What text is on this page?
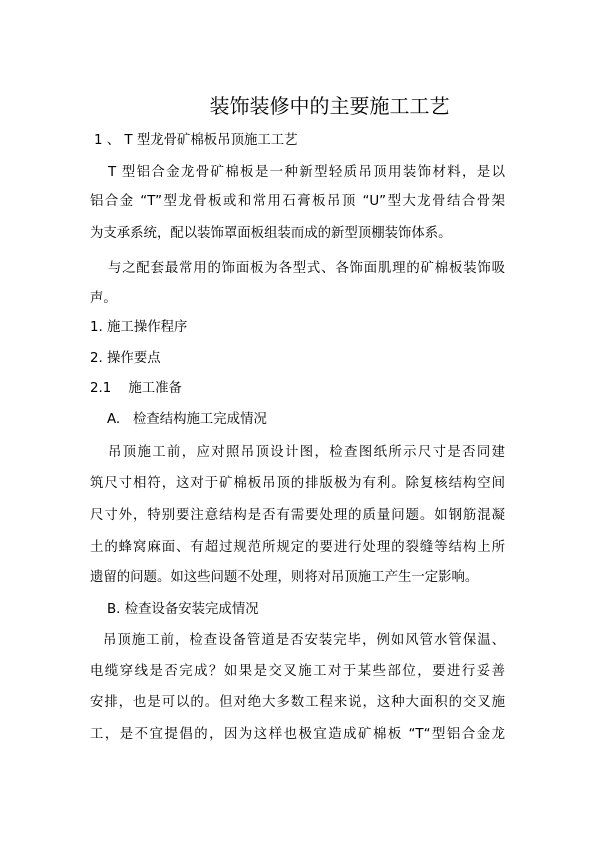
装饰装修中的主要施工工艺
1 、 T 型龙骨矿棉板吊顶施工工艺
T 型铝合金龙骨矿棉板是一种新型轻质吊顶用装饰材料，是以
铝合金 “T”型龙骨板或和常用石膏板吊顶 “U”型大龙骨结合骨架
为支承系统，配以装饰罩面板组装而成的新型顶棚装饰体系。
与之配套最常用的饰面板为各型式、各饰面肌理的矿棉板装饰吸
声。
1. 施工操作程序
2. 操作要点
2.1    施工准备
A.   检查结构施工完成情况
吊顶施工前，应对照吊顶设计图，检查图纸所示尺寸是否同建
筑尺寸相符，这对于矿棉板吊顶的排版极为有利。除复核结构空间
尺寸外，特别要注意结构是否有需要处理的质量问题。如钢筋混凝
土的蜂窝麻面、有超过规范所规定的要进行处理的裂缝等结构上所
遗留的问题。如这些问题不处理，则将对吊顶施工产生一定影响。
B. 检查设备安装完成情况
吊顶施工前，检查设备管道是否安装完毕，例如风管水管保温、
电缆穿线是否完成？如果是交叉施工对于某些部位，要进行妥善
安排，也是可以的。但对绝大多数工程来说，这种大面积的交叉施
工，是不宜提倡的，因为这样也极宜造成矿棉板 “T“型铝合金龙
